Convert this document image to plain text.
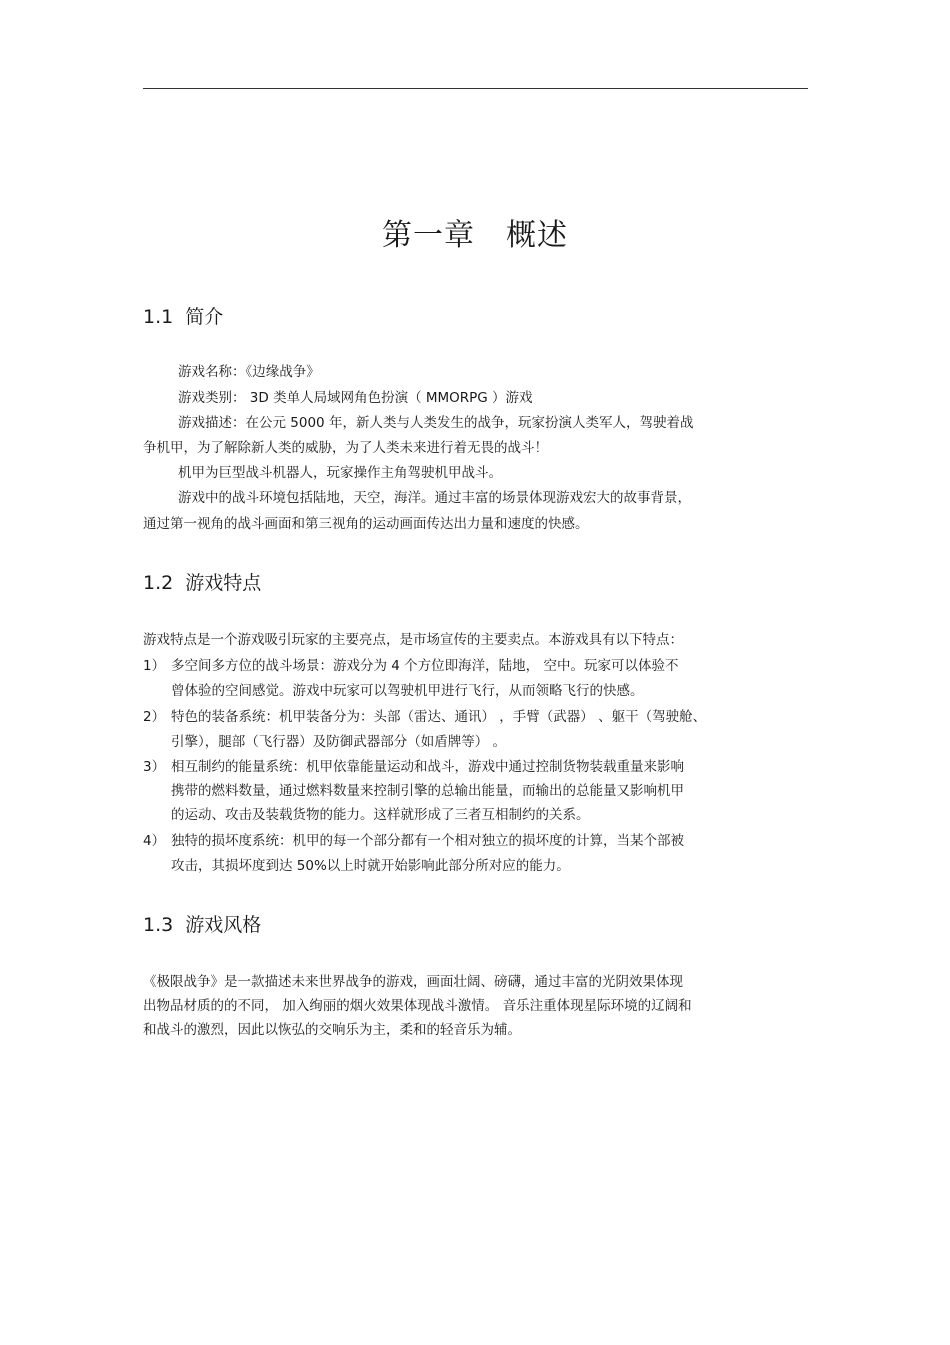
第一章　概述
1.1 简介

游戏名称：《边缘战争》

游戏类别： 3D 类单人局域网角色扮演（ MMORPG ）游戏

游戏描述：在公元 5000 年，新人类与人类发生的战争，玩家扮演人类军人，驾驶着战

争机甲，为了解除新人类的威胁，为了人类未来进行着无畏的战斗！

机甲为巨型战斗机器人，玩家操作主角驾驶机甲战斗。

游戏中的战斗环境包括陆地，天空，海洋。通过丰富的场景体现游戏宏大的故事背景，

通过第一视角的战斗画面和第三视角的运动画面传达出力量和速度的快感。

1.2 游戏特点

游戏特点是一个游戏吸引玩家的主要亮点，是市场宣传的主要卖点。本游戏具有以下特点：

1） 多空间多方位的战斗场景：游戏分为 4 个方位即海洋，陆地， 空中。玩家可以体验不

曾体验的空间感觉。游戏中玩家可以驾驶机甲进行飞行，从而领略飞行的快感。

2） 特色的装备系统：机甲装备分为：头部（雷达、通讯） ，手臂（武器） 、躯干（驾驶舱、

引擎），腿部（飞行器）及防御武器部分（如盾牌等） 。

3） 相互制约的能量系统：机甲依靠能量运动和战斗，游戏中通过控制货物装载重量来影响

携带的燃料数量，通过燃料数量来控制引擎的总输出能量，而输出的总能量又影响机甲

的运动、攻击及装载货物的能力。这样就形成了三者互相制约的关系。

4） 独特的损坏度系统：机甲的每一个部分都有一个相对独立的损坏度的计算，当某个部被

攻击，其损坏度到达 50%以上时就开始影响此部分所对应的能力。

1.3 游戏风格

《极限战争》是一款描述未来世界战争的游戏，画面壮阔、磅礴，通过丰富的光阴效果体现

出物品材质的的不同， 加入绚丽的烟火效果体现战斗激情。 音乐注重体现星际环境的辽阔和

和战斗的激烈，因此以恢弘的交响乐为主，柔和的轻音乐为辅。
